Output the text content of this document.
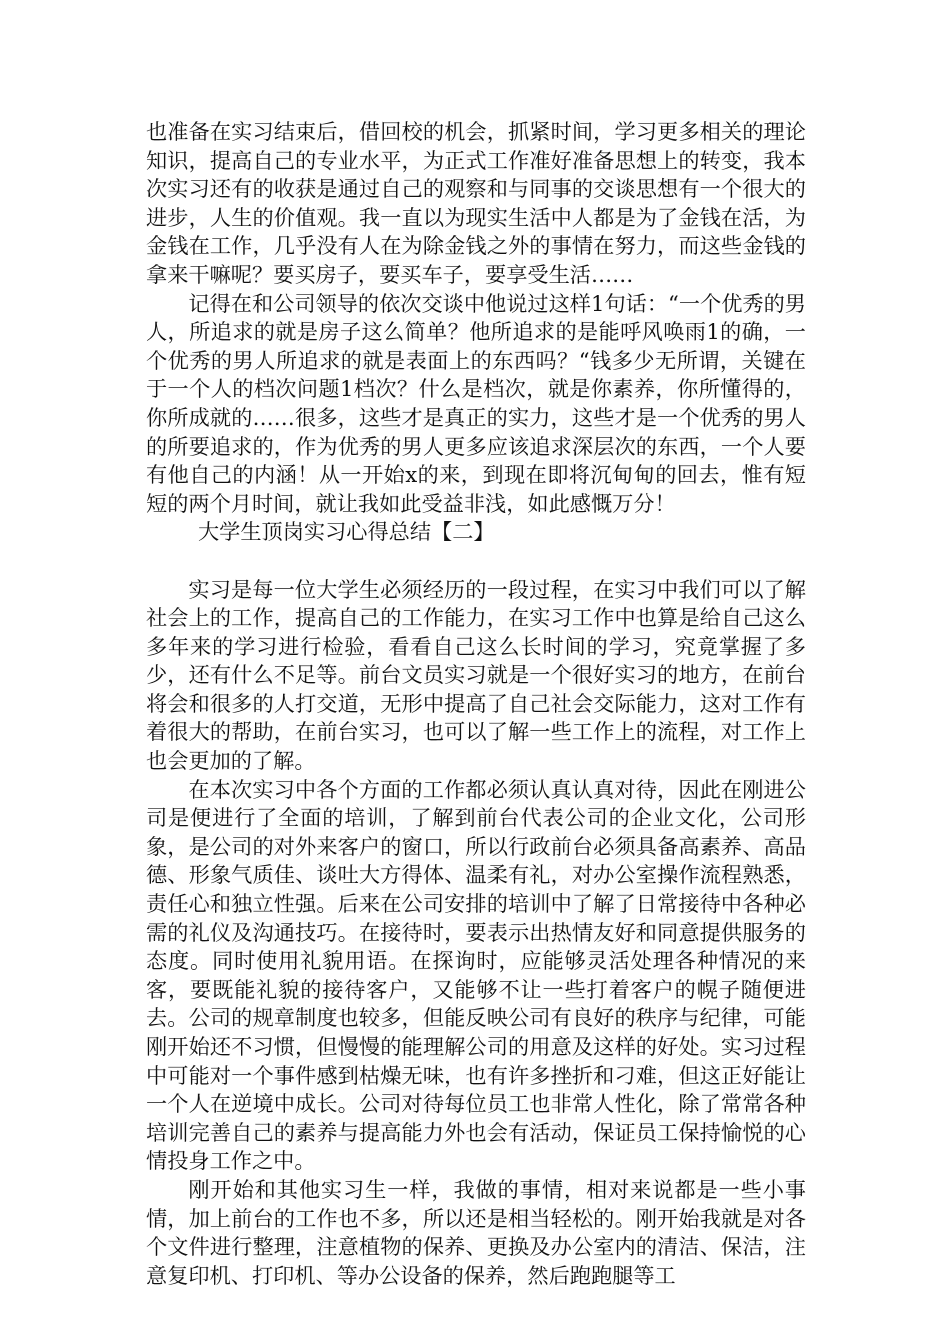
也准备在实习结束后，借回校的机会，抓紧时间，学习更多相关的理论知识，提高自己的专业水平，为正式工作准好准备思想上的转变，我本次实习还有的收获是通过自己的观察和与同事的交谈思想有一个很大的进步，人生的价值观。我一直以为现实生活中人都是为了金钱在活，为金钱在工作，几乎没有人在为除金钱之外的事情在努力，而这些金钱的拿来干嘛呢？要买房子，要买车子，要享受生活……

记得在和公司领导的依次交谈中他说过这样1句话：“一个优秀的男人，所追求的就是房子这么简单？他所追求的是能呼风唤雨1的确，一个优秀的男人所追求的就是表面上的东西吗？“钱多少无所谓，关键在于一个人的档次问题1档次？什么是档次，就是你素养，你所懂得的，你所成就的……很多，这些才是真正的实力，这些才是一个优秀的男人的所要追求的，作为优秀的男人更多应该追求深层次的东西，一个人要有他自己的内涵！从一开始x的来，到现在即将沉甸甸的回去，惟有短短的两个月时间，就让我如此受益非浅，如此感慨万分！

大学生顶岗实习心得总结【二】

实习是每一位大学生必须经历的一段过程，在实习中我们可以了解社会上的工作，提高自己的工作能力，在实习工作中也算是给自己这么多年来的学习进行检验，看看自己这么长时间的学习，究竟掌握了多少，还有什么不足等。前台文员实习就是一个很好实习的地方，在前台将会和很多的人打交道，无形中提高了自己社会交际能力，这对工作有着很大的帮助，在前台实习，也可以了解一些工作上的流程，对工作上也会更加的了解。

在本次实习中各个方面的工作都必须认真认真对待，因此在刚进公司是便进行了全面的培训，了解到前台代表公司的企业文化，公司形象，是公司的对外来客户的窗口，所以行政前台必须具备高素养、高品德、形象气质佳、谈吐大方得体、温柔有礼，对办公室操作流程熟悉，责任心和独立性强。后来在公司安排的培训中了解了日常接待中各种必需的礼仪及沟通技巧。在接待时，要表示出热情友好和同意提供服务的态度。同时使用礼貌用语。在探询时，应能够灵活处理各种情况的来客，要既能礼貌的接待客户，又能够不让一些打着客户的幌子随便进去。公司的规章制度也较多，但能反映公司有良好的秩序与纪律，可能刚开始还不习惯，但慢慢的能理解公司的用意及这样的好处。实习过程中可能对一个事件感到枯燥无味，也有许多挫折和刁难，但这正好能让一个人在逆境中成长。公司对待每位员工也非常人性化，除了常常各种培训完善自己的素养与提高能力外也会有活动，保证员工保持愉悦的心情投身工作之中。

刚开始和其他实习生一样，我做的事情，相对来说都是一些小事情，加上前台的工作也不多，所以还是相当轻松的。刚开始我就是对各个文件进行整理，注意植物的保养、更换及办公室内的清洁、保洁，注意复印机、打印机、等办公设备的保养，然后跑跑腿等工
